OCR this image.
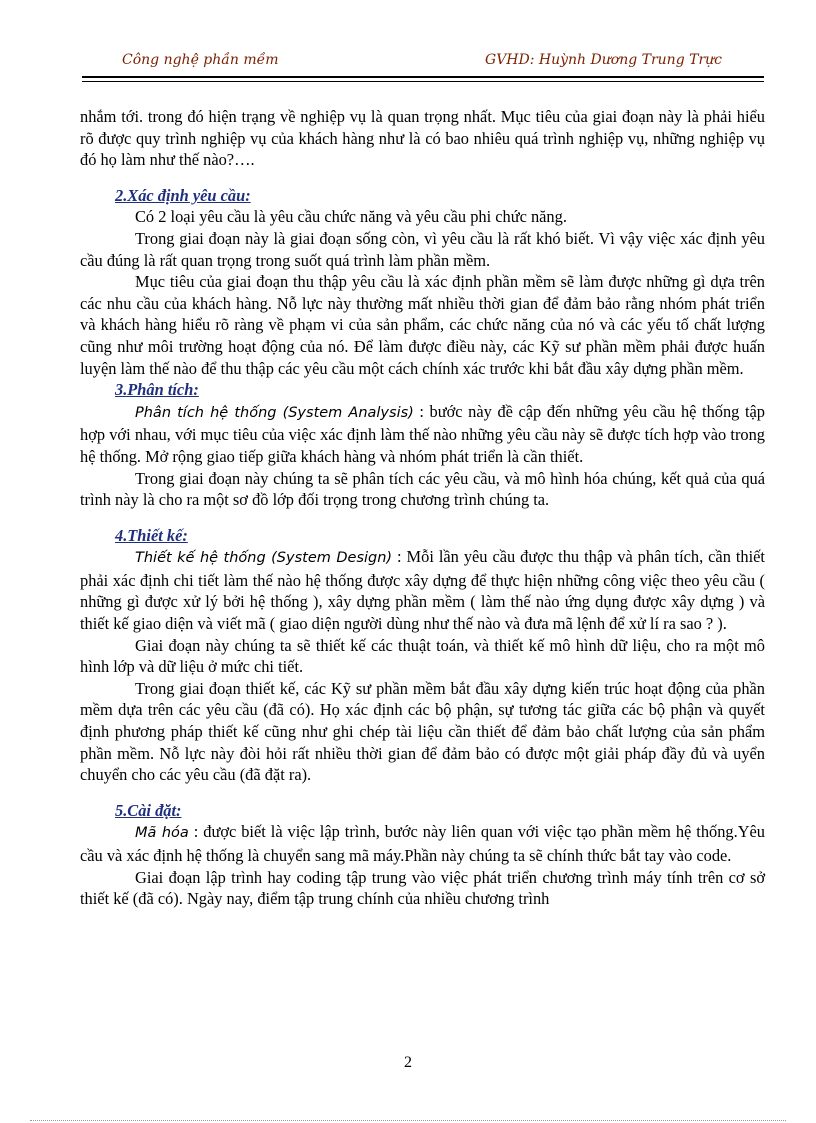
Công nghệ phần mềm	GVHD: Huỳnh Dương Trung Trực

nhắm tới. trong đó hiện trạng về nghiệp vụ là quan trọng nhất. Mục tiêu của giai đoạn này là phải hiểu rõ được quy trình nghiệp vụ của khách hàng như là có bao nhiêu quá trình nghiệp vụ, những nghiệp vụ đó họ làm như thế nào?….

2.Xác định yêu cầu:

Có 2 loại yêu cầu là yêu cầu chức năng và yêu cầu phi chức năng.

Trong giai đoạn này là giai đoạn sống còn, vì yêu cầu là rất khó biết. Vì vậy việc xác định yêu cầu đúng là rất quan trọng trong suốt quá trình làm phần mềm.

Mục tiêu của giai đoạn thu thập yêu cầu là xác định phần mềm sẽ làm được những gì dựa trên các nhu cầu của khách hàng. Nỗ lực này thường mất nhiều thời gian để đảm bảo rằng nhóm phát triển và khách hàng hiểu rõ ràng về phạm vi của sản phẩm, các chức năng của nó và các yếu tố chất lượng cũng như môi trường hoạt động của nó. Để làm được điều này, các Kỹ sư phần mềm phải được huấn luyện làm thế nào để thu thập các yêu cầu một cách chính xác trước khi bắt đầu xây dựng phần mềm.

3.Phân tích:

Phân tích hệ thống (System Analysis) : bước này đề cập đến những yêu cầu hệ thống tập hợp với nhau, với mục tiêu của việc xác định làm thế nào những yêu cầu này sẽ được tích hợp vào trong hệ thống. Mở rộng giao tiếp giữa khách hàng và nhóm phát triển là cần thiết.

Trong giai đoạn này chúng ta sẽ phân tích các yêu cầu, và mô hình hóa chúng, kết quả của quá trình này là cho ra một sơ đồ lớp đối trọng trong chương trình chúng ta.

4.Thiết kế:

Thiết kế hệ thống (System Design) : Mỗi lần yêu cầu được thu thập và phân tích, cần thiết phải xác định chi tiết làm thế nào hệ thống được xây dựng để thực hiện những công việc theo yêu cầu ( những gì được xử lý bởi hệ thống ), xây dựng phần mềm ( làm thế nào ứng dụng được xây dựng ) và thiết kế giao diện và viết mã ( giao diện người dùng như thế nào và đưa mã lệnh để xử lí ra sao ? ).

Giai đoạn này chúng ta sẽ thiết kế các thuật toán, và thiết kế mô hình dữ liệu, cho ra một mô hình lớp và dữ liệu ở mức chi tiết.

Trong giai đoạn thiết kế, các Kỹ sư phần mềm bắt đầu xây dựng kiến trúc hoạt động của phần mềm dựa trên các yêu cầu (đã có). Họ xác định các bộ phận, sự tương tác giữa các bộ phận và quyết định phương pháp thiết kế cũng như ghi chép tài liệu cần thiết để đảm bảo chất lượng của sản phẩm phần mềm. Nỗ lực này đòi hỏi rất nhiều thời gian để đảm bảo có được một giải pháp đầy đủ và uyển chuyển cho các yêu cầu (đã đặt ra).

5.Cài đặt:

Mã hóa : được biết là việc lập trình, bước này liên quan với việc tạo phần mềm hệ thống.Yêu cầu và xác định hệ thống là chuyển sang mã máy.Phần này chúng ta sẽ chính thức bắt tay vào code.

Giai đoạn lập trình hay coding tập trung vào việc phát triển chương trình máy tính trên cơ sở thiết kế (đã có). Ngày nay, điểm tập trung chính của nhiều chương trình

2
